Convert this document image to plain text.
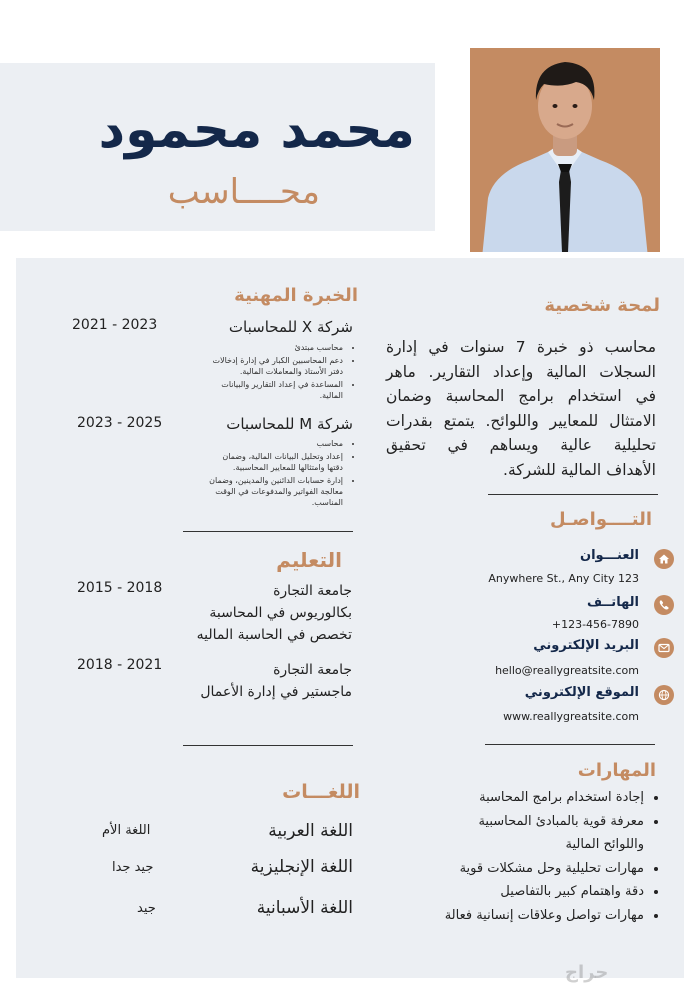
محمد محمود
محــــاسب
لمحة شخصية
محاسب ذو خبرة 7 سنوات في إدارة
السجلات المالية وإعداد التقارير. ماهر
في استخدام برامج المحاسبة وضمان
الامتثال للمعايير واللوائح. يتمتع بقدرات
تحليلية عالية ويساهم في تحقيق
الأهداف المالية للشركة.
التــــواصـل
العنـــوان
Anywhere St., Any City 123
الهاتــف
+123-456-7890
البريد الإلكتروني
hello@reallygreatsite.com
الموقع الإلكتروني
www.reallygreatsite.com
المهارات
• إجادة استخدام برامج المحاسبة
• معرفة قوية بالمبادئ المحاسبية
واللوائح المالية
• مهارات تحليلية وحل مشكلات قوية
• دقة واهتمام كبير بالتفاصيل
• مهارات تواصل وعلاقات إنسانية فعالة
الخبرة المهنية
شركة X للمحاسبات
2023 - 2021
• محاسب مبتدئ
• دعم المحاسبين الكبار في إدارة إدخالات دفتر الأستاذ والمعاملات المالية.
• المساعدة في إعداد التقارير والبيانات المالية.
شركة M للمحاسبات
2025 - 2023
• محاسب
• إعداد وتحليل البيانات المالية، وضمان دقتها وامتثالها للمعايير المحاسبية.
• إدارة حسابات الدائنين والمدينين، وضمان معالجة الفواتير والمدفوعات في الوقت المناسب.
التعليم
جامعة التجارة
بكالوريوس في المحاسبة
تخصص في الحاسبة الماليه
2018 - 2015
جامعة التجارة
ماجستير في إدارة الأعمال
2021 - 2018
اللغـــات
اللغة العربية
اللغة الأم
اللغة الإنجليزية
جيد جدا
اللغة الأسبانية
جيد
حراج
